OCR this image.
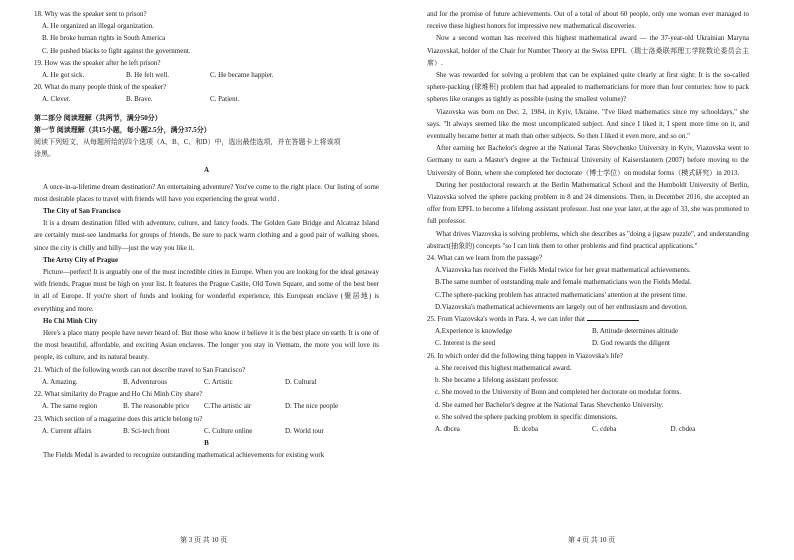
18. Why was the speaker sent to prison?

A. He organized an illegal organization.

B. He broke human rights in South America

C. He pushed blacks to fight against the government.

19. How was the speaker after he left prison?

A. He got sick.	B. He felt well.	C. He became happier.

20. What do many people think of the speaker?

A. Clever.	B. Brave.	C. Patient.

第二部分 阅读理解（共两节，满分50分）

第一节 阅读理解（共15小题，每小题2.5分，满分37.5分）

阅读下列短文，从每题所给的四个选项（A、B、C、和D）中，选出最佳选项，并在答题卡上将该项

涂黑。

A

A once-in-a-lifetime dream destination? An entertaining adventure? You've come to the right place. Our listing of some most desirable places to travel with friends will have you experiencing the great world .

The City of San Francisco

It is a dream destination filled with adventure, culture, and fancy foods. The Golden Gate Bridge and Alcatraz Island are certainly must-see landmarks for groups of friends. Be sure to pack warm clothing and a good pair of walking shoes, since the city is chilly and hilly—just the way you like it.

The Artsy City of Prague

Picture—perfect! It is arguably one of the most incredible cities in Europe. When you are looking for the ideal getaway with friends, Prague must be high on your list. It features the Prague Castle, Old Town Square, and some of the best beer in all of Europe. If you're short of funds and looking for wonderful experience, this European enclave (聚居地) is everything and more.

Ho Chi Minh City

Here's a place many people have never heard of. But those who know it believe it is the best place on earth. It is one of the most beautiful, affordable, and exciting Asian enclaves. The longer you stay in Vietnam, the more you will love its people, its culture, and its natural beauty.

21. Which of the following words can not describe travel to San Francisco?

A. Amazing.	B. Adventurous	C. Artistic	D. Cultural

22. What similarity do Prague and Ho Chi Minh City share?

A. The same region	B. The reasonable price	C.The artistic air	D. The nice people

23. Which section of a magazine does this article belong to?

A. Current affairs	B. Sci-tech front	C. Culture online	D. World tour

B

The Fields Medal is awarded to recognize outstanding mathematical achievements for existing work

and for the promise of future achievements. Out of a total of about 60 people, only one woman ever managed to receive these highest honors for impressive new mathematical discoveries.

Now a second woman has received this highest mathematical award — the 37-year-old Ukrainian Maryna Viazovskal, holder of the Chair for Number Theory at the Swiss EPFL（瑞士洛桑联邦理工学院数论委员会主席）.

She was rewarded for solving a problem that can be explained quite clearly at first sight: It is the so-called sphere-packing (球堆积) problem that had appealed to mathematicians for more than four centuries: how to pack spheres like oranges as tightly as possible (using the smallest volume)?

Viazovska was born on Dec. 2, 1984, in Kyiv, Ukraine. "I've liked mathematics since my schooldays," she says. "It always seemed like the most uncomplicated subject. And since I liked it, I spent more time on it, and eventually became better at math than other subjects. So then I liked it even more, and so on."

After earning her Bachelor's degree at the National Taras Shevchenko University in Kyiv, Viazovska went to Germany to earn a Master's degree at the Technical University of Kaiserslautern (2007) before moving to the University of Bonn, where she completed her doctorate（博士学位）on modular forms（模式研究）in 2013.

During her postdoctoral research at the Berlin Mathematical School and the Humboldt University of Berlin, Viazovska solved the sphere packing problem in 8 and 24 dimensions. Then, in December 2016, she accepted an offer from EPFL to become a lifelong assistant professor. Just one year later, at the age of 33, she was promoted to full professor.

What drives Viazovska is solving problems, which she describes as "doing a jigsaw puzzle", and understanding abstract(抽象的) concepts "so I can link them to other problems and find practical applications."

24. What can we learn from the passage？

A.Viazovska has received the Fields Medal twice for her great mathematical achievements.

B.The same number of outstanding male and female mathematicians won the Fields Medal.

C.The sphere-packing problem has attracted mathematicians' attention at the present time.

D.Viazovska's mathematical achievements are largely out of her enthusiasm and devotion.

25. From Viazovska's words in Para. 4, we can infer that

A.Experience is knowledge	B. Attitude determines altitude
C. Interest is the seed	D. God rewards the diligent

26. In which order did the following thing happen in Viazovska's life?

a. She received this highest mathematical award.

b. She became a lifelong assistant professor.

c. She moved to the University of Bonn and completed her doctorate on modular forms.

d. She earned her Bachelor's degree at the National Taras Shevchenko University.

e. She solved the sphere packing problem in specific dimensions.

A. dbcea	B. dceba	C. cdeba	D. cbdea
第 3 页 共 10 页	第 4 页 共 10 页
